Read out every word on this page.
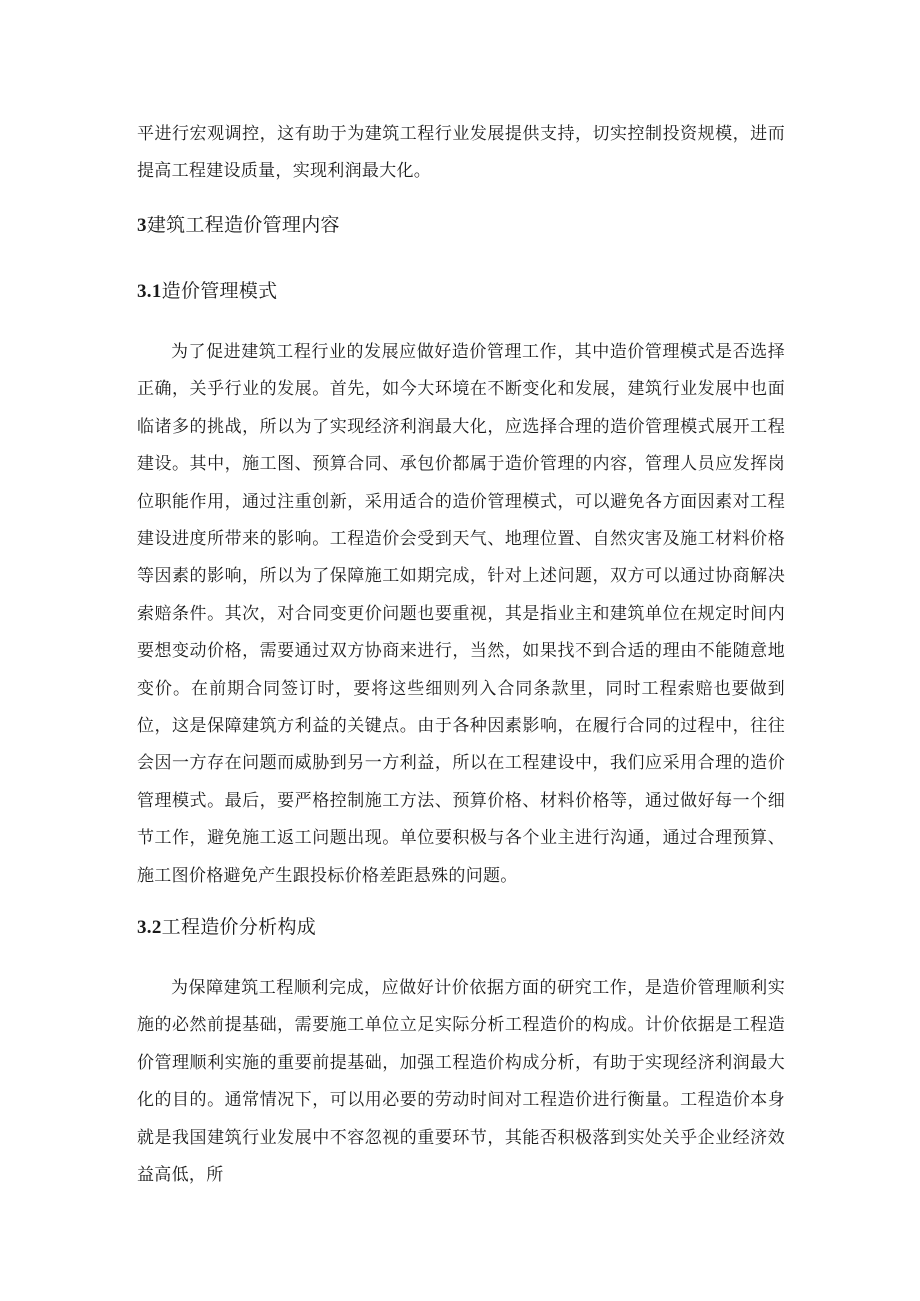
平进行宏观调控，这有助于为建筑工程行业发展提供支持，切实控制投资规模，进而提高工程建设质量，实现利润最大化。

3建筑工程造价管理内容
3.1造价管理模式

为了促进建筑工程行业的发展应做好造价管理工作，其中造价管理模式是否选择正确，关乎行业的发展。首先，如今大环境在不断变化和发展，建筑行业发展中也面临诸多的挑战，所以为了实现经济利润最大化，应选择合理的造价管理模式展开工程建设。其中，施工图、预算合同、承包价都属于造价管理的内容，管理人员应发挥岗位职能作用，通过注重创新，采用适合的造价管理模式，可以避免各方面因素对工程建设进度所带来的影响。工程造价会受到天气、地理位置、自然灾害及施工材料价格等因素的影响，所以为了保障施工如期完成，针对上述问题，双方可以通过协商解决索赔条件。其次，对合同变更价问题也要重视，其是指业主和建筑单位在规定时间内要想变动价格，需要通过双方协商来进行，当然，如果找不到合适的理由不能随意地变价。在前期合同签订时，要将这些细则列入合同条款里，同时工程索赔也要做到位，这是保障建筑方利益的关键点。由于各种因素影响，在履行合同的过程中，往往会因一方存在问题而威胁到另一方利益，所以在工程建设中，我们应采用合理的造价管理模式。最后，要严格控制施工方法、预算价格、材料价格等，通过做好每一个细节工作，避免施工返工问题出现。单位要积极与各个业主进行沟通，通过合理预算、施工图价格避免产生跟投标价格差距悬殊的问题。

3.2工程造价分析构成

为保障建筑工程顺利完成，应做好计价依据方面的研究工作，是造价管理顺利实施的必然前提基础，需要施工单位立足实际分析工程造价的构成。计价依据是工程造价管理顺利实施的重要前提基础，加强工程造价构成分析，有助于实现经济利润最大化的目的。通常情况下，可以用必要的劳动时间对工程造价进行衡量。工程造价本身就是我国建筑行业发展中不容忽视的重要环节，其能否积极落到实处关乎企业经济效益高低，所
